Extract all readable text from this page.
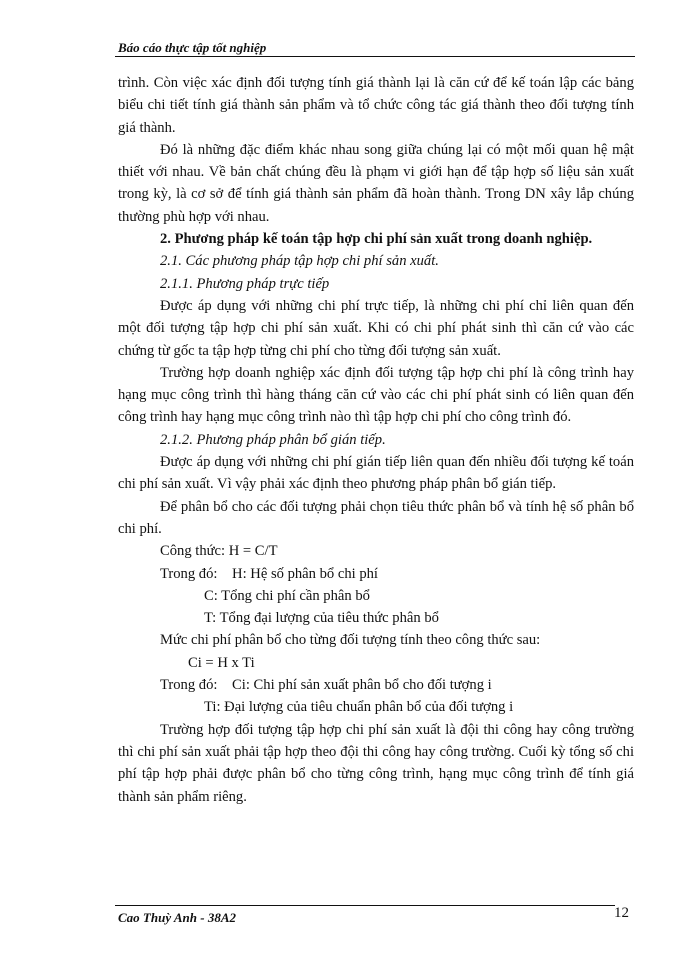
Báo cáo thực tập tốt nghiệp

trình. Còn việc xác định đối tượng tính giá thành lại là căn cứ để kế toán lập các bảng biểu chi tiết tính giá thành sản phẩm và tổ chức công tác giá thành theo đối tượng tính giá thành.

Đó là những đặc điểm khác nhau song giữa chúng lại có một mối quan hệ mật thiết với nhau. Về bản chất chúng đều là phạm vi giới hạn để tập hợp số liệu sản xuất trong kỳ, là cơ sở để tính giá thành sản phẩm đã hoàn thành. Trong DN xây lắp chúng thường phù hợp với nhau.

2. Phương pháp kế toán tập hợp chi phí sản xuất trong doanh nghiệp.

2.1. Các phương pháp tập hợp chi phí sản xuất.

2.1.1. Phương pháp trực tiếp

Được áp dụng với những chi phí trực tiếp, là những chi phí chỉ liên quan đến một đối tượng tập hợp chi phí sản xuất. Khi có chi phí phát sinh thì căn cứ vào các chứng từ gốc ta tập hợp từng chi phí cho từng đối tượng sản xuất.

Trường hợp doanh nghiệp xác định đối tượng tập hợp chi phí là công trình hay hạng mục công trình thì hàng tháng căn cứ vào các chi phí phát sinh có liên quan đến công trình hay hạng mục công trình nào thì tập hợp chi phí cho công trình đó.

2.1.2. Phương pháp phân bổ gián tiếp.

Được áp dụng với những chi phí gián tiếp liên quan đến nhiều đối tượng kế toán chi phí sản xuất. Vì vậy phải xác định theo phương pháp phân bổ gián tiếp.

Để phân bổ cho các đối tượng phải chọn tiêu thức phân bổ và tính hệ số phân bổ chi phí.

Công thức: H = C/T

Trong đó: H: Hệ số phân bổ chi phí

C: Tổng chi phí cần phân bổ

T: Tổng đại lượng của tiêu thức phân bổ

Mức chi phí phân bổ cho từng đối tượng tính theo công thức sau:

Ci = H x Ti

Trong đó: Ci: Chi phí sản xuất phân bổ cho đối tượng i

Ti: Đại lượng của tiêu chuẩn phân bổ của đối tượng i

Trường hợp đối tượng tập hợp chi phí sản xuất là đội thi công hay công trường thì chi phí sản xuất phải tập hợp theo đội thi công hay công trường. Cuối kỳ tổng số chi phí tập hợp phải được phân bổ cho từng công trình, hạng mục công trình để tính giá thành sản phẩm riêng.

Cao Thuỳ Anh - 38A2	12
